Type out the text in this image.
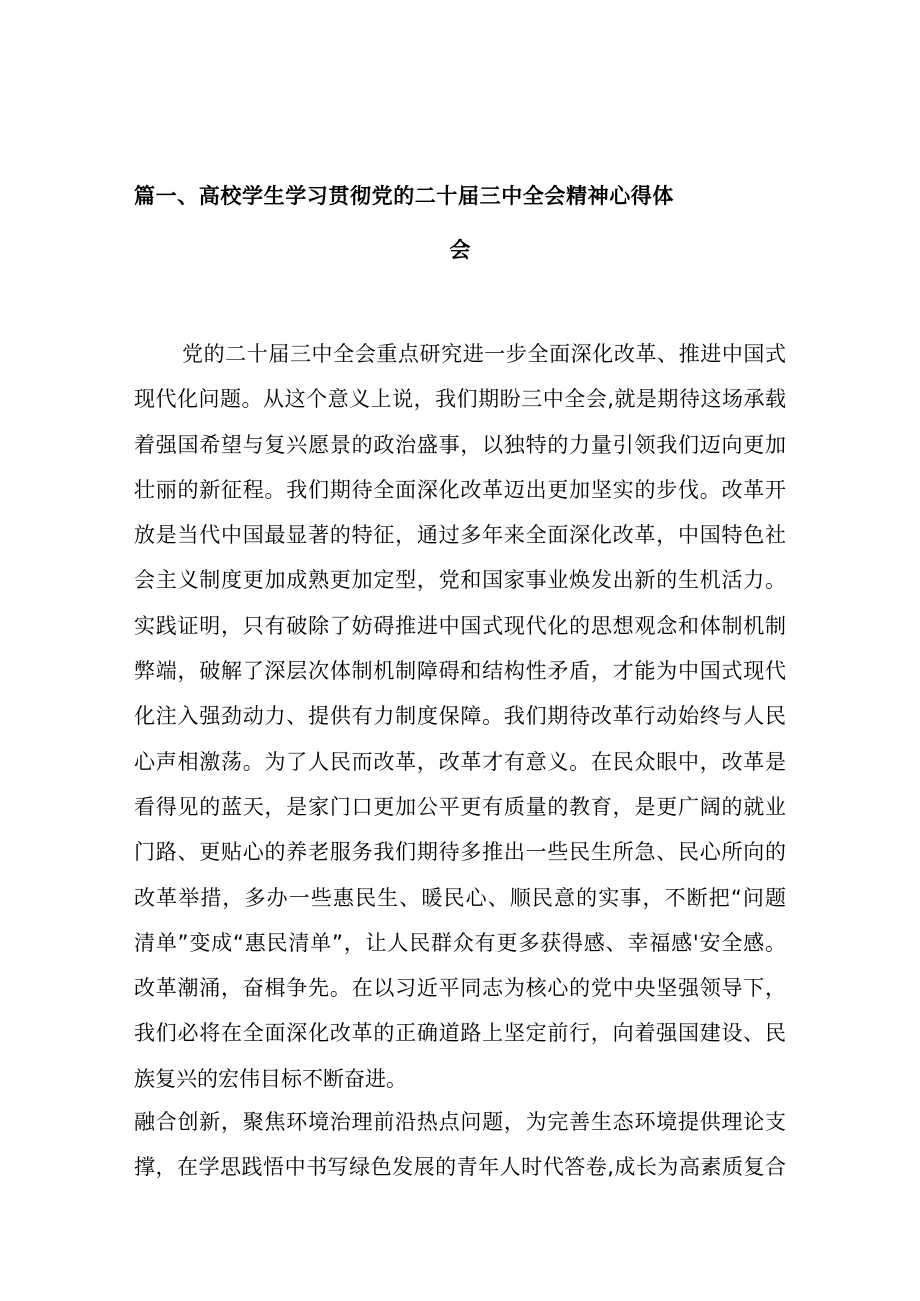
篇一、高校学生学习贯彻党的二十届三中全会精神心得体
会
党的二十届三中全会重点研究进一步全面深化改革、推进中国式
现代化问题。从这个意义上说，我们期盼三中全会,就是期待这场承载
着强国希望与复兴愿景的政治盛事，以独特的力量引领我们迈向更加
壮丽的新征程。我们期待全面深化改革迈出更加坚实的步伐。改革开
放是当代中国最显著的特征，通过多年来全面深化改革，中国特色社
会主义制度更加成熟更加定型，党和国家事业焕发出新的生机活力。
实践证明，只有破除了妨碍推进中国式现代化的思想观念和体制机制
弊端，破解了深层次体制机制障碍和结构性矛盾，才能为中国式现代
化注入强劲动力、提供有力制度保障。我们期待改革行动始终与人民
心声相激荡。为了人民而改革，改革才有意义。在民众眼中，改革是
看得见的蓝天，是家门口更加公平更有质量的教育，是更广阔的就业
门路、更贴心的养老服务我们期待多推出一些民生所急、民心所向的
改革举措，多办一些惠民生、暖民心、顺民意的实事，不断把“问题
清单”变成“惠民清单”，让人民群众有更多获得感、幸福感'安全感。
改革潮涌，奋楫争先。在以习近平同志为核心的党中央坚强领导下，
我们必将在全面深化改革的正确道路上坚定前行，向着强国建设、民
族复兴的宏伟目标不断奋进。
融合创新，聚焦环境治理前沿热点问题，为完善生态环境提供理论支
撑，在学思践悟中书写绿色发展的青年人时代答卷,成长为高素质复合
